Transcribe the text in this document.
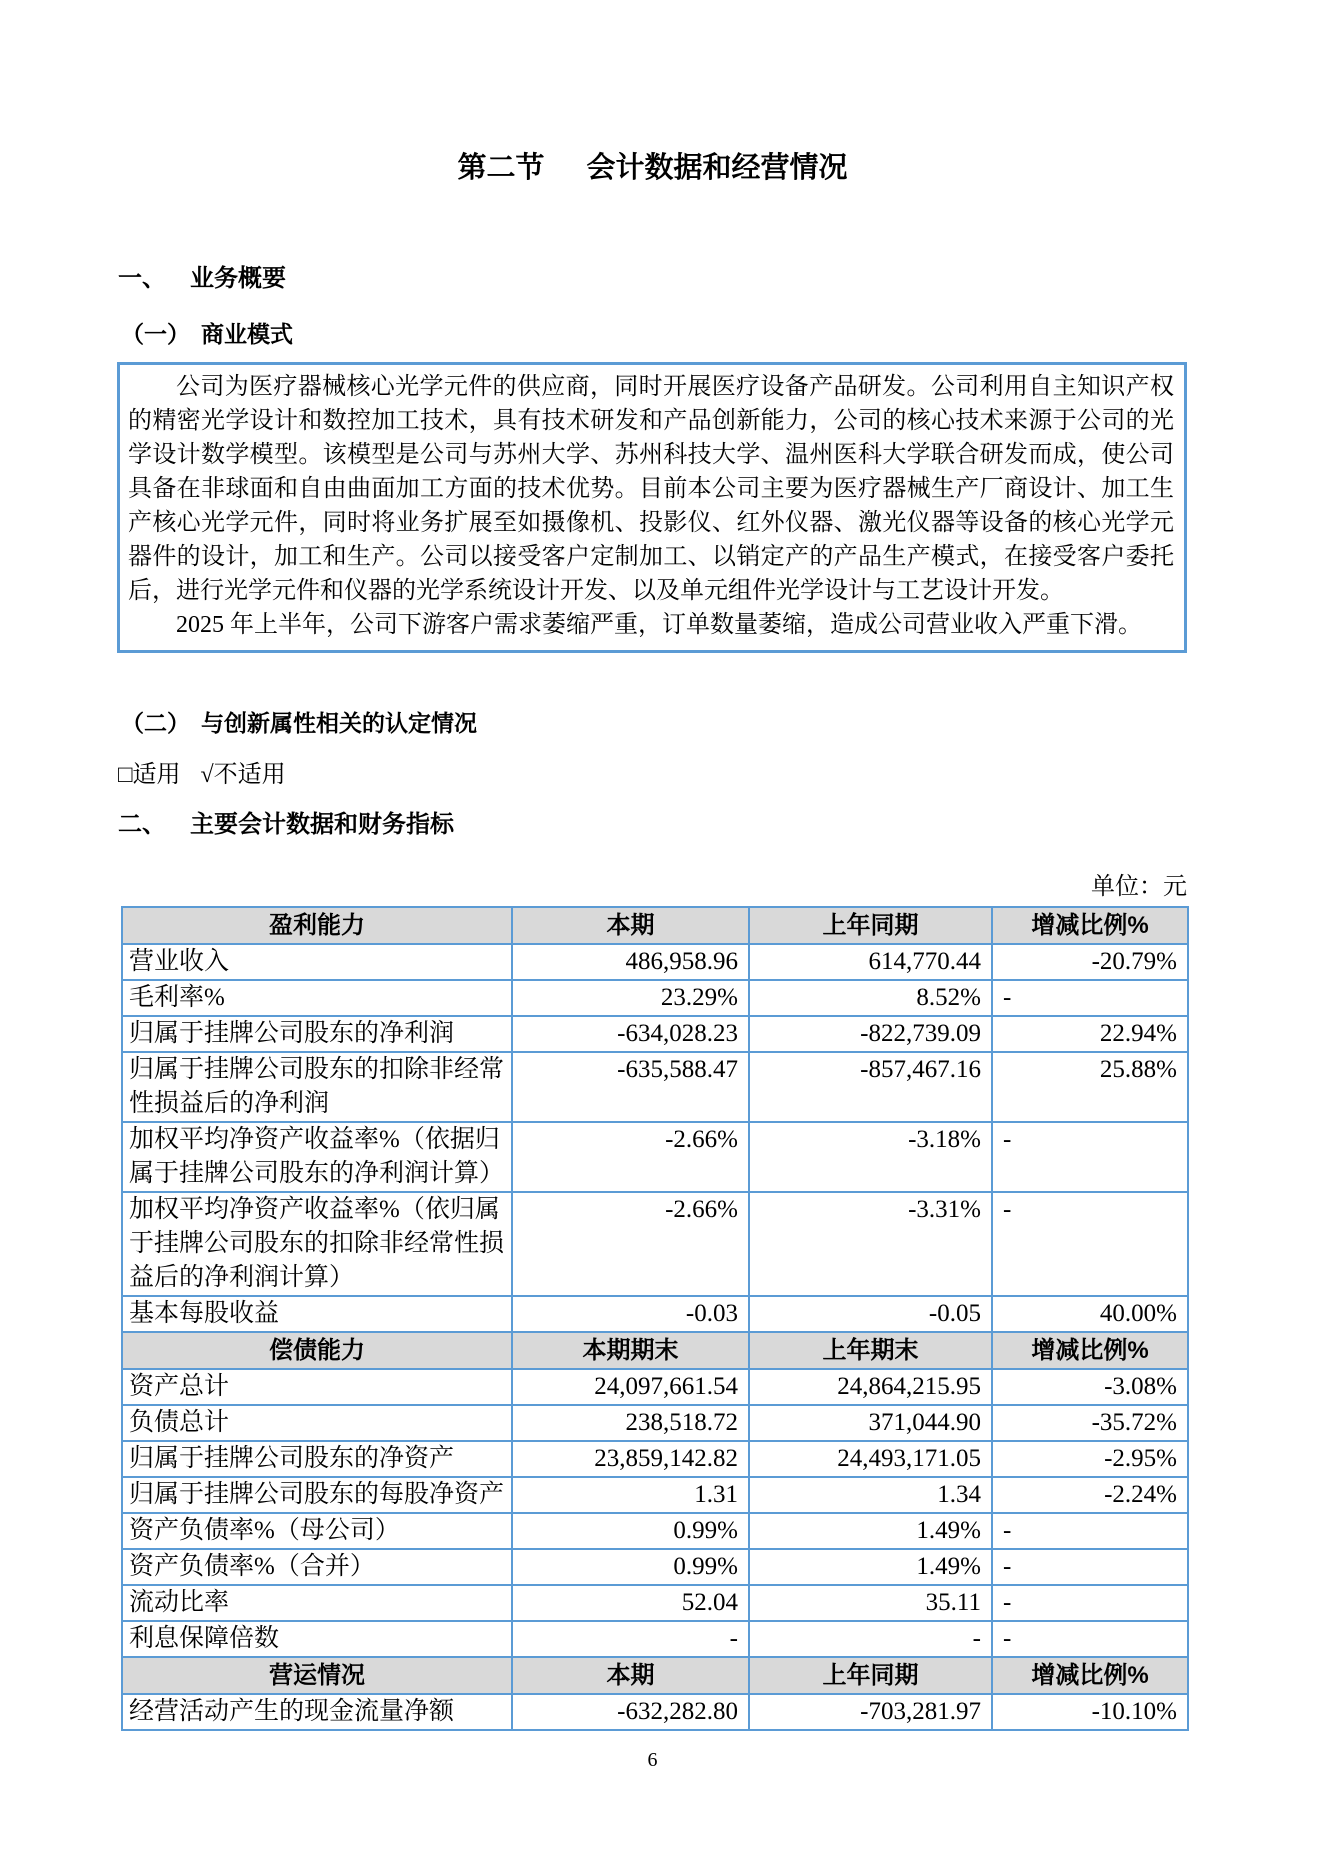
第二节 会计数据和经营情况
一、 业务概要
（一） 商业模式

公司为医疗器械核心光学元件的供应商，同时开展医疗设备产品研发。公司利用自主知识产权的精密光学设计和数控加工技术，具有技术研发和产品创新能力，公司的核心技术来源于公司的光学设计数学模型。该模型是公司与苏州大学、苏州科技大学、温州医科大学联合研发而成，使公司具备在非球面和自由曲面加工方面的技术优势。目前本公司主要为医疗器械生产厂商设计、加工生产核心光学元件，同时将业务扩展至如摄像机、投影仪、红外仪器、激光仪器等设备的核心光学元器件的设计，加工和生产。公司以接受客户定制加工、以销定产的产品生产模式，在接受客户委托后，进行光学元件和仪器的光学系统设计开发、以及单元组件光学设计与工艺设计开发。

2025 年上半年，公司下游客户需求萎缩严重，订单数量萎缩，造成公司营业收入严重下滑。

（二） 与创新属性相关的认定情况
□适用 √不适用
二、 主要会计数据和财务指标
单位：元
盈利能力	本期	上年同期	增减比例%
营业收入	486,958.96	614,770.44	-20.79%
毛利率%	23.29%	8.52%	-
归属于挂牌公司股东的净利润	-634,028.23	-822,739.09	22.94%
归属于挂牌公司股东的扣除非经常性损益后的净利润	-635,588.47	-857,467.16	25.88%
加权平均净资产收益率%（依据归属于挂牌公司股东的净利润计算）	-2.66%	-3.18%	-
加权平均净资产收益率%（依归属于挂牌公司股东的扣除非经常性损益后的净利润计算）	-2.66%	-3.31%	-
基本每股收益	-0.03	-0.05	40.00%
偿债能力	本期期末	上年期末	增减比例%
资产总计	24,097,661.54	24,864,215.95	-3.08%
负债总计	238,518.72	371,044.90	-35.72%
归属于挂牌公司股东的净资产	23,859,142.82	24,493,171.05	-2.95%
归属于挂牌公司股东的每股净资产	1.31	1.34	-2.24%
资产负债率%（母公司）	0.99%	1.49%	-
资产负债率%（合并）	0.99%	1.49%	-
流动比率	52.04	35.11	-
利息保障倍数	-	-	-
营运情况	本期	上年同期	增减比例%
经营活动产生的现金流量净额	-632,282.80	-703,281.97	-10.10%
6
